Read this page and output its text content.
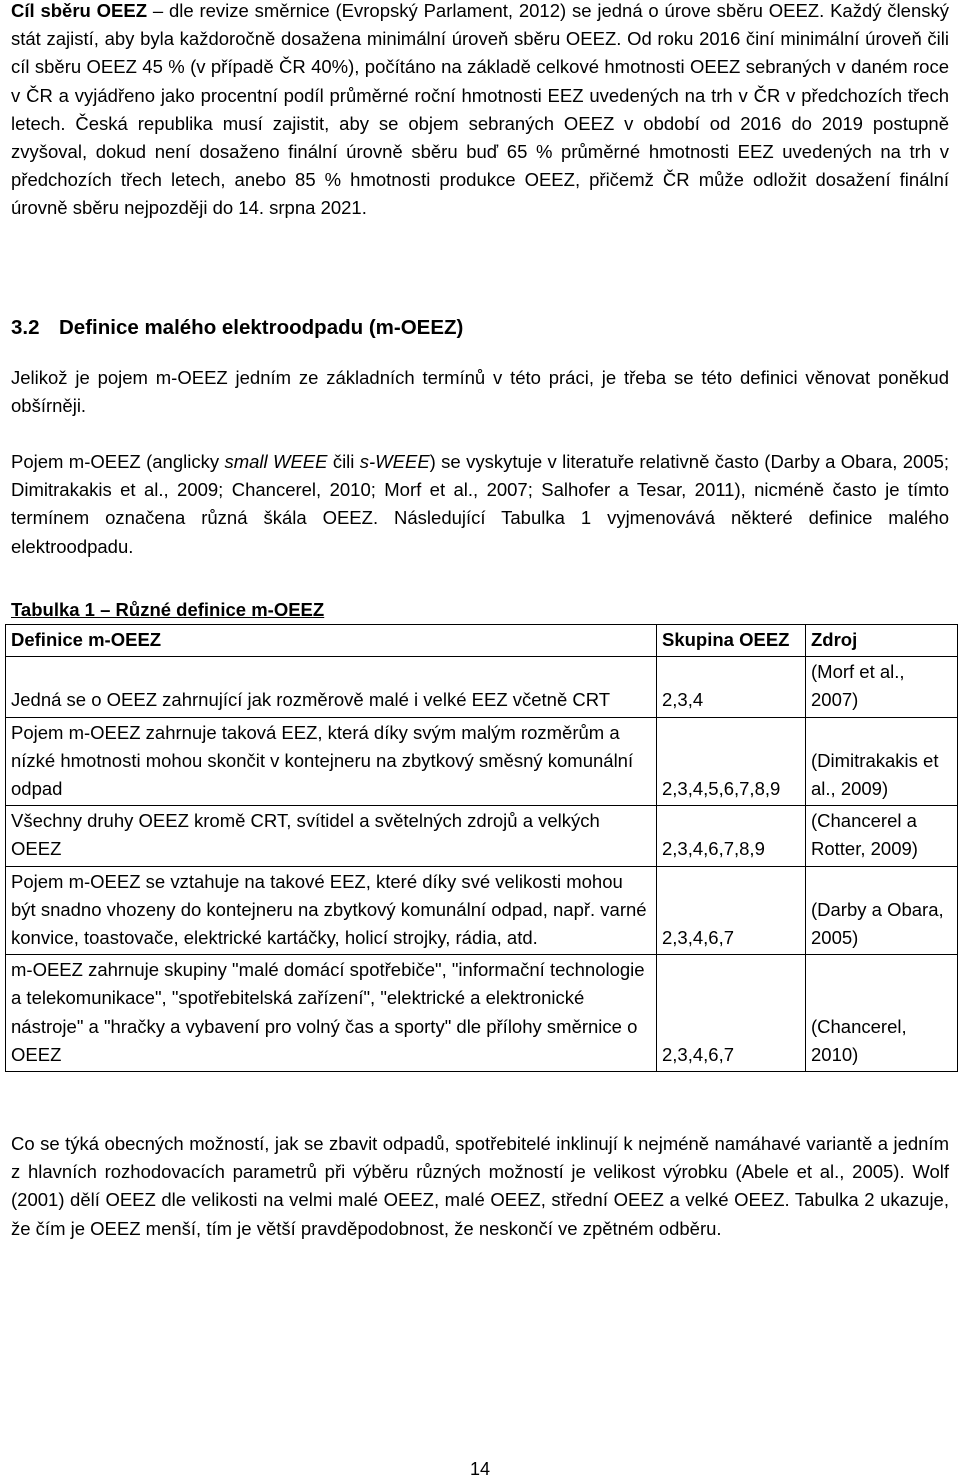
Cíl sběru OEEZ – dle revize směrnice (Evropský Parlament, 2012) se jedná o úrove sběru OEEZ. Každý členský stát zajistí, aby byla každoročně dosažena minimální úroveň sběru OEEZ. Od roku 2016 činí minimální úroveň čili cíl sběru OEEZ 45 % (v případě ČR 40%), počítáno na základě celkové hmotnosti OEEZ sebraných v daném roce v ČR a vyjádřeno jako procentní podíl průměrné roční hmotnosti EEZ uvedených na trh v ČR v předchozích třech letech. Česká republika musí zajistit, aby se objem sebraných OEEZ v období od 2016 do 2019 postupně zvyšoval, dokud není dosaženo finální úrovně sběru buď 65 % průměrné hmotnosti EEZ uvedených na trh v předchozích třech letech, anebo 85 % hmotnosti produkce OEEZ, přičemž ČR může odložit dosažení finální úrovně sběru nejpozději do 14. srpna 2021.

3.2 Definice malého elektroodpadu (m-OEEZ)

Jelikož je pojem m-OEEZ jedním ze základních termínů v této práci, je třeba se této definici věnovat poněkud obšírněji.

Pojem m-OEEZ (anglicky small WEEE čili s-WEEE) se vyskytuje v literatuře relativně často (Darby a Obara, 2005; Dimitrakakis et al., 2009; Chancerel, 2010; Morf et al., 2007; Salhofer a Tesar, 2011), nicméně často je tímto termínem označena různá škála OEEZ. Následující Tabulka 1 vyjmenovává některé definice malého elektroodpadu.

Tabulka 1 – Různé definice m-OEEZ
Definice m-OEEZ	Skupina OEEZ	Zdroj
Jedná se o OEEZ zahrnující jak rozměrově malé i velké EEZ včetně CRT	2,3,4	(Morf et al., 2007)
Pojem m-OEEZ zahrnuje taková EEZ, která díky svým malým rozměrům a nízké hmotnosti mohou skončit v kontejneru na zbytkový směsný komunální odpad	2,3,4,5,6,7,8,9	(Dimitrakakis et al., 2009)
Všechny druhy OEEZ kromě CRT, svítidel a světelných zdrojů a velkých OEEZ	2,3,4,6,7,8,9	(Chancerel a Rotter, 2009)
Pojem m-OEEZ se vztahuje na takové EEZ, které díky své velikosti mohou být snadno vhozeny do kontejneru na zbytkový komunální odpad, např. varné konvice, toastovače, elektrické kartáčky, holicí strojky, rádia, atd.	2,3,4,6,7	(Darby a Obara, 2005)
m-OEEZ zahrnuje skupiny "malé domácí spotřebiče", "informační technologie a telekomunikace", "spotřebitelská zařízení", "elektrické a elektronické nástroje" a "hračky a vybavení pro volný čas a sporty" dle přílohy směrnice o OEEZ	2,3,4,6,7	(Chancerel, 2010)

Co se týká obecných možností, jak se zbavit odpadů, spotřebitelé inklinují k nejméně namáhavé variantě a jedním z hlavních rozhodovacích parametrů při výběru různých možností je velikost výrobku (Abele et al., 2005). Wolf (2001) dělí OEEZ dle velikosti na velmi malé OEEZ, malé OEEZ, střední OEEZ a velké OEEZ. Tabulka 2 ukazuje, že čím je OEEZ menší, tím je větší pravděpodobnost, že neskončí ve zpětném odběru.

14
